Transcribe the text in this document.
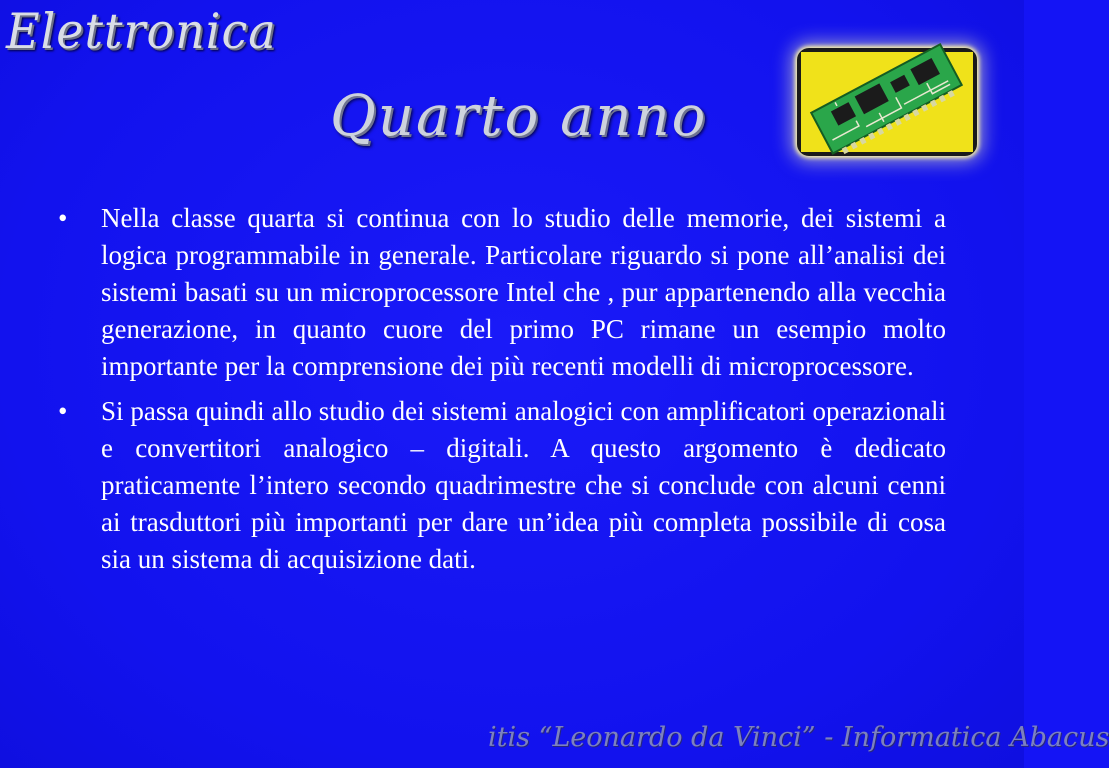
Elettronica
Quarto anno
• Nella classe quarta si continua con lo studio delle memorie, dei sistemi a logica programmabile in generale. Particolare riguardo si pone all’analisi dei sistemi basati su un microprocessore Intel che , pur appartenendo alla vecchia generazione, in quanto cuore del primo PC rimane un esempio molto importante per la comprensione dei più recenti modelli di microprocessore.
• Si passa quindi allo studio dei sistemi analogici con amplificatori operazionali e convertitori analogico – digitali. A questo argomento è dedicato praticamente l’intero secondo quadrimestre che si conclude con alcuni cenni ai trasduttori più importanti per dare un’idea più completa possibile di cosa sia un sistema di acquisizione dati.
itis “Leonardo da Vinci” - Informatica Abacus
